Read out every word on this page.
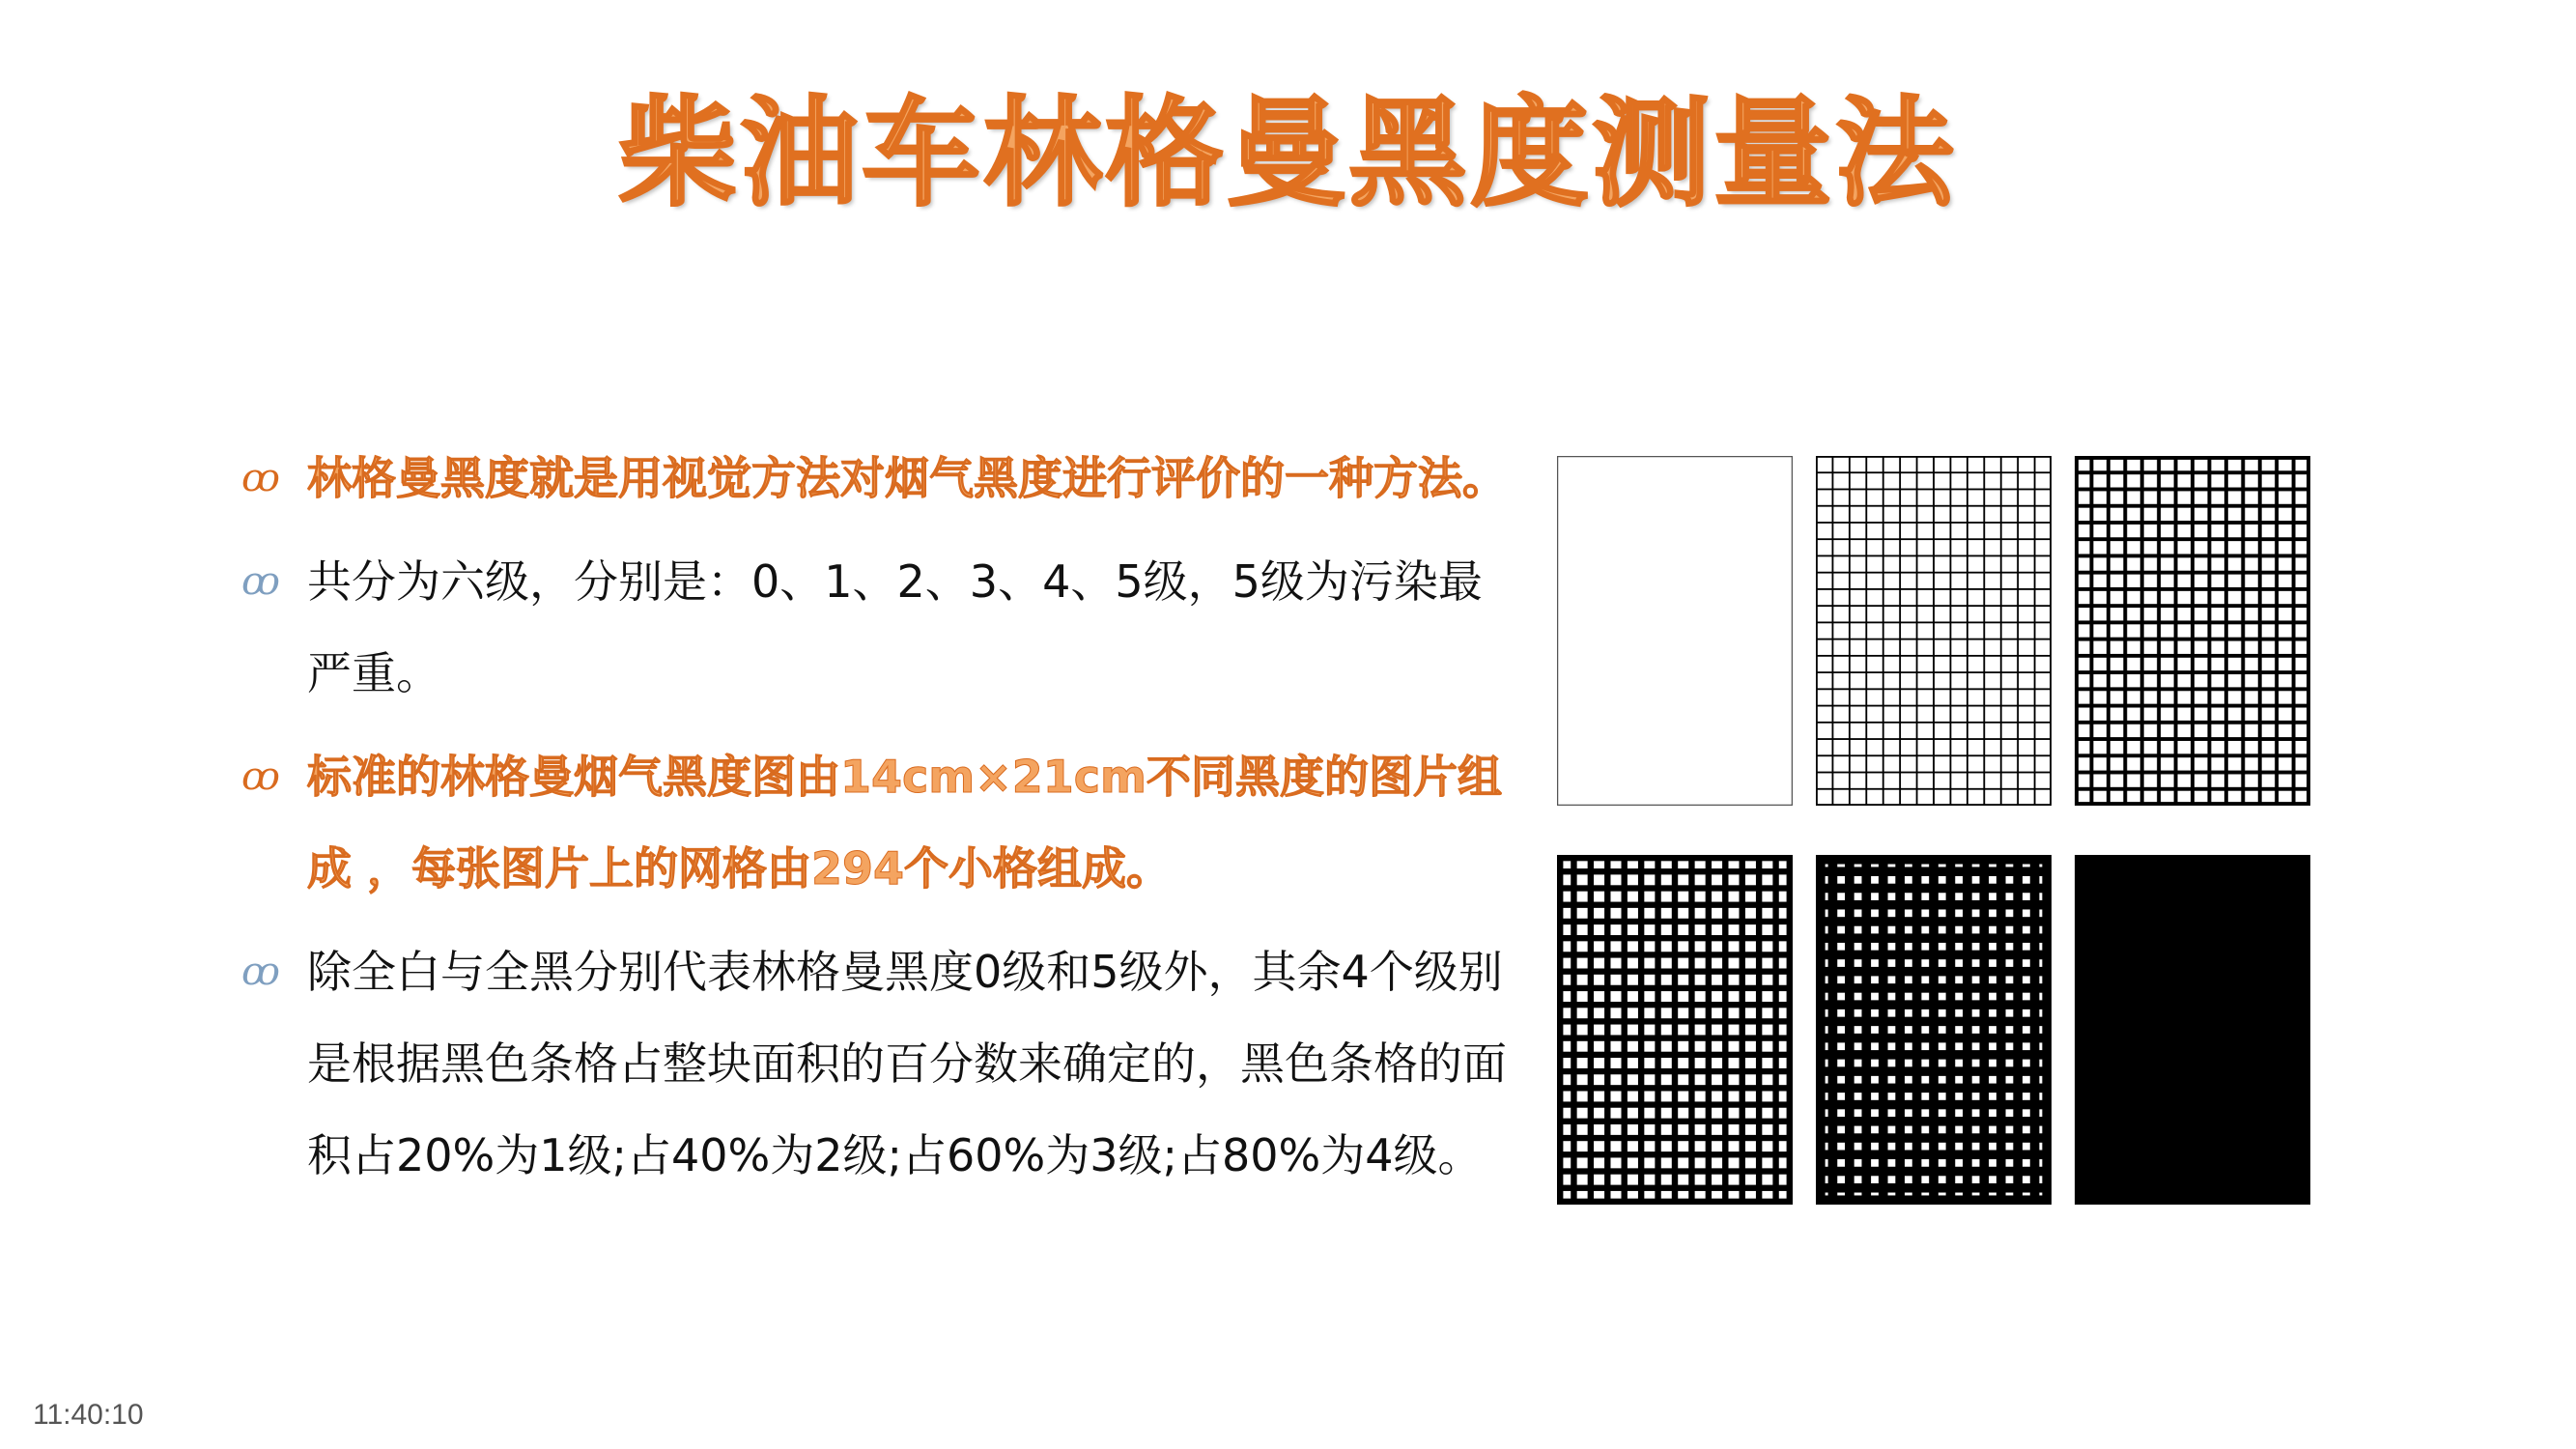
柴油车林格曼黑度测量法
ꝏ 林格曼黑度就是用视觉方法对烟气黑度进行评价的一种方法。
ꝏ 共分为六级，分别是：0、1、2、3、4、5级，5级为污染最严重。
ꝏ 标准的林格曼烟气黑度图由14cm×21cm不同黑度的图片组成 ，每张图片上的网格由294个小格组成。
ꝏ 除全白与全黑分别代表林格曼黑度0级和5级外，其余4个级别是根据黑色条格占整块面积的百分数来确定的，黑色条格的面积占20%为1级;占40%为2级;占60%为3级;占80%为4级。
11:40:10
